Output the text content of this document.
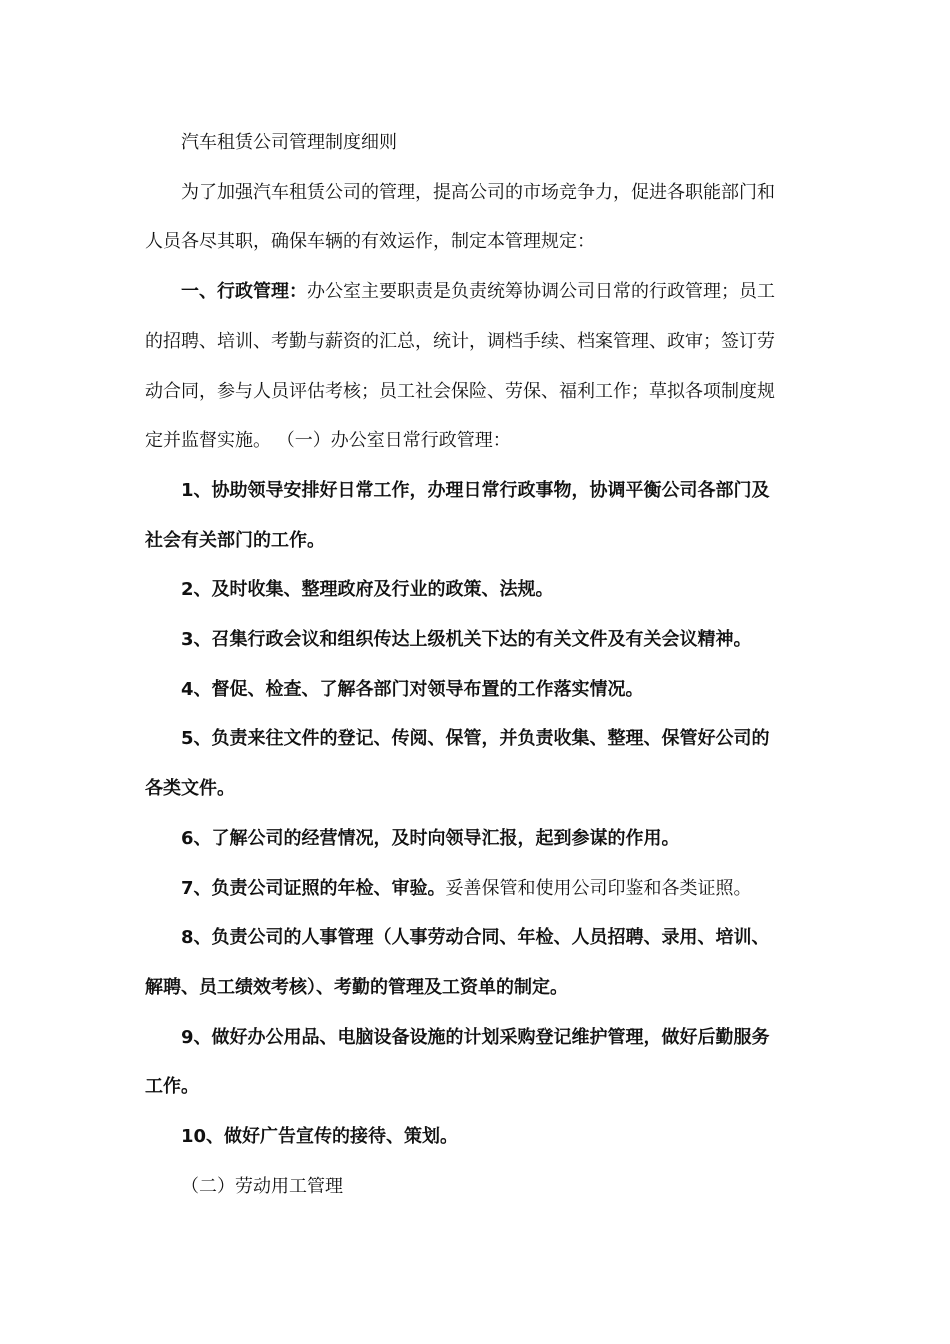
汽车租赁公司管理制度细则

为了加强汽车租赁公司的管理，提高公司的市场竞争力，促进各职能部门和

人员各尽其职，确保车辆的有效运作，制定本管理规定：

一、行政管理：办公室主要职责是负责统筹协调公司日常的行政管理；员工

的招聘、培训、考勤与薪资的汇总，统计，调档手续、档案管理、政审；签订劳

动合同，参与人员评估考核；员工社会保险、劳保、福利工作；草拟各项制度规

定并监督实施。 （一）办公室日常行政管理：

1、协助领导安排好日常工作，办理日常行政事物，协调平衡公司各部门及

社会有关部门的工作。

2、及时收集、整理政府及行业的政策、法规。

3、召集行政会议和组织传达上级机关下达的有关文件及有关会议精神。

4、督促、检查、了解各部门对领导布置的工作落实情况。

5、负责来往文件的登记、传阅、保管，并负责收集、整理、保管好公司的

各类文件。

6、了解公司的经营情况，及时向领导汇报，起到参谋的作用。

7、负责公司证照的年检、审验。妥善保管和使用公司印鉴和各类证照。

8、负责公司的人事管理（人事劳动合同、年检、人员招聘、录用、培训、

解聘、员工绩效考核）、考勤的管理及工资单的制定。

9、做好办公用品、电脑设备设施的计划采购登记维护管理，做好后勤服务

工作。

10、做好广告宣传的接待、策划。

（二）劳动用工管理
